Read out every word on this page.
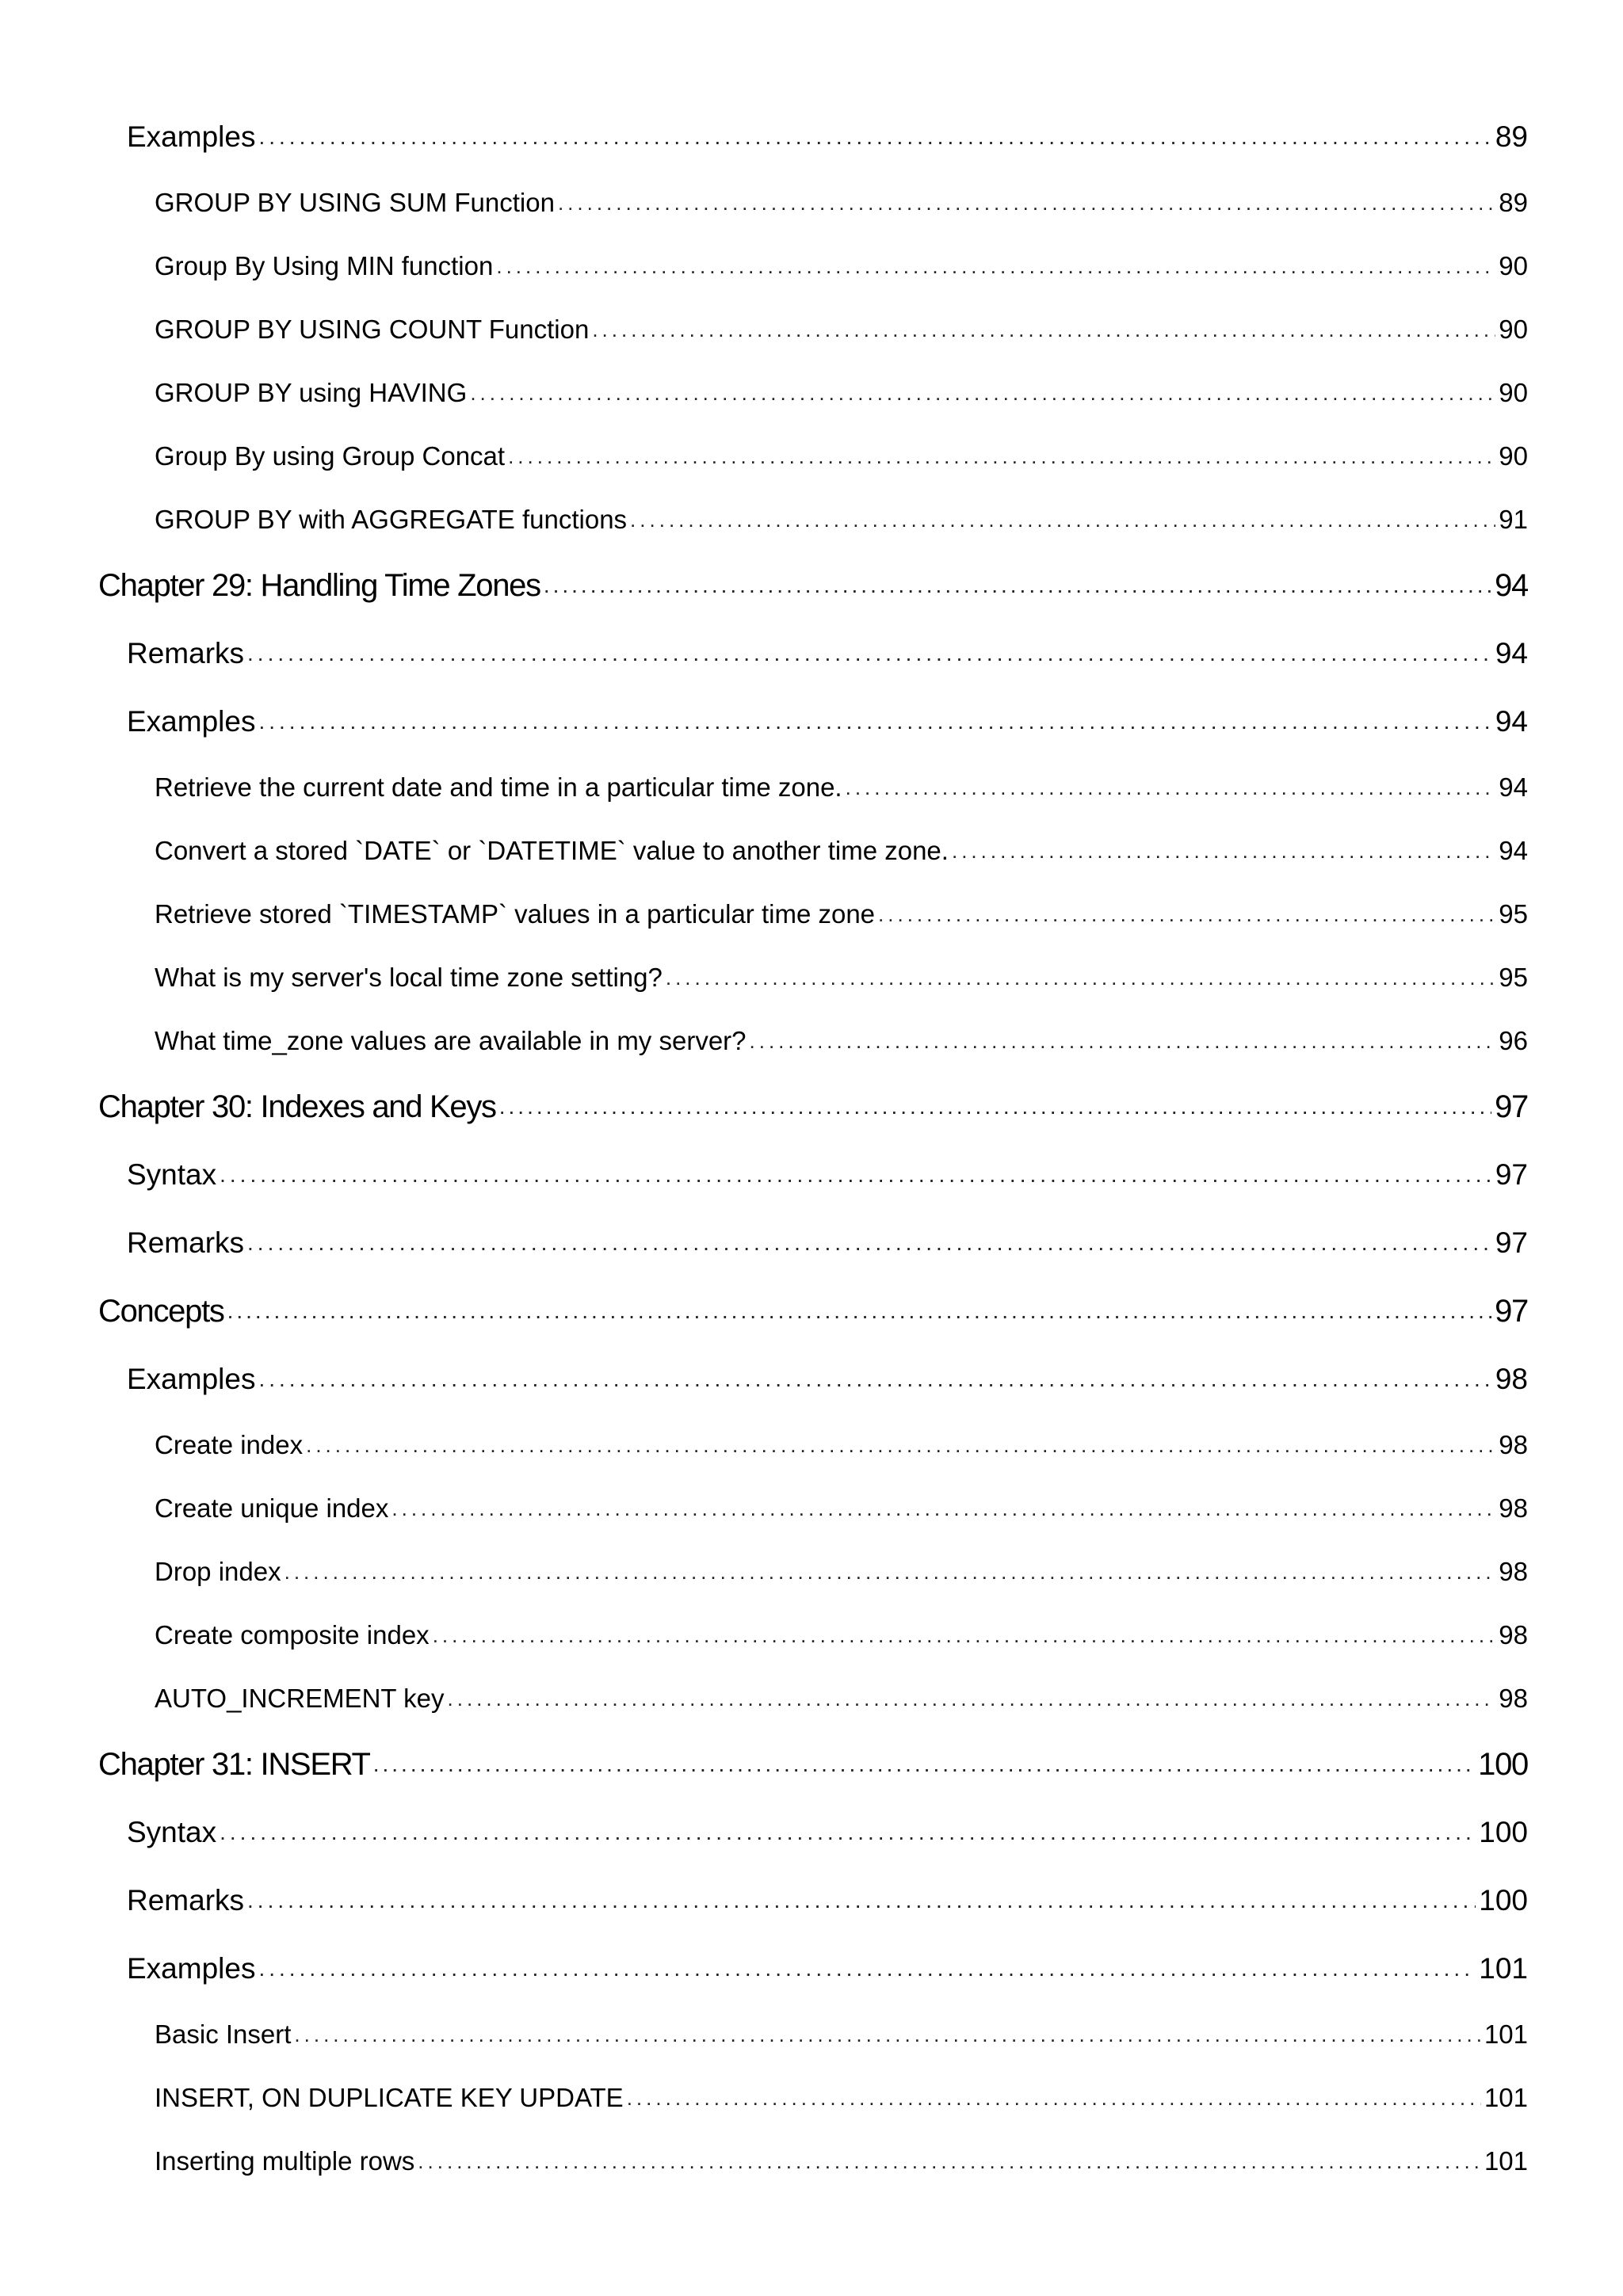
Examples .....	89
GROUP BY USING SUM Function .....	89
Group By Using MIN function .....	90
GROUP BY USING COUNT Function .....	90
GROUP BY using HAVING .....	90
Group By using Group Concat .....	90
GROUP BY with AGGREGATE functions .....	91
Chapter 29: Handling Time Zones .....	94
Remarks .....	94
Examples .....	94
Retrieve the current date and time in a particular time zone. .....	94
Convert a stored `DATE` or `DATETIME` value to another time zone. .....	94
Retrieve stored `TIMESTAMP` values in a particular time zone .....	95
What is my server's local time zone setting? .....	95
What time_zone values are available in my server? .....	96
Chapter 30: Indexes and Keys .....	97
Syntax .....	97
Remarks .....	97
Concepts .....	97
Examples .....	98
Create index .....	98
Create unique index .....	98
Drop index .....	98
Create composite index .....	98
AUTO_INCREMENT key .....	98
Chapter 31: INSERT .....	100
Syntax .....	100
Remarks .....	100
Examples .....	101
Basic Insert .....	101
INSERT, ON DUPLICATE KEY UPDATE .....	101
Inserting multiple rows .....	101
